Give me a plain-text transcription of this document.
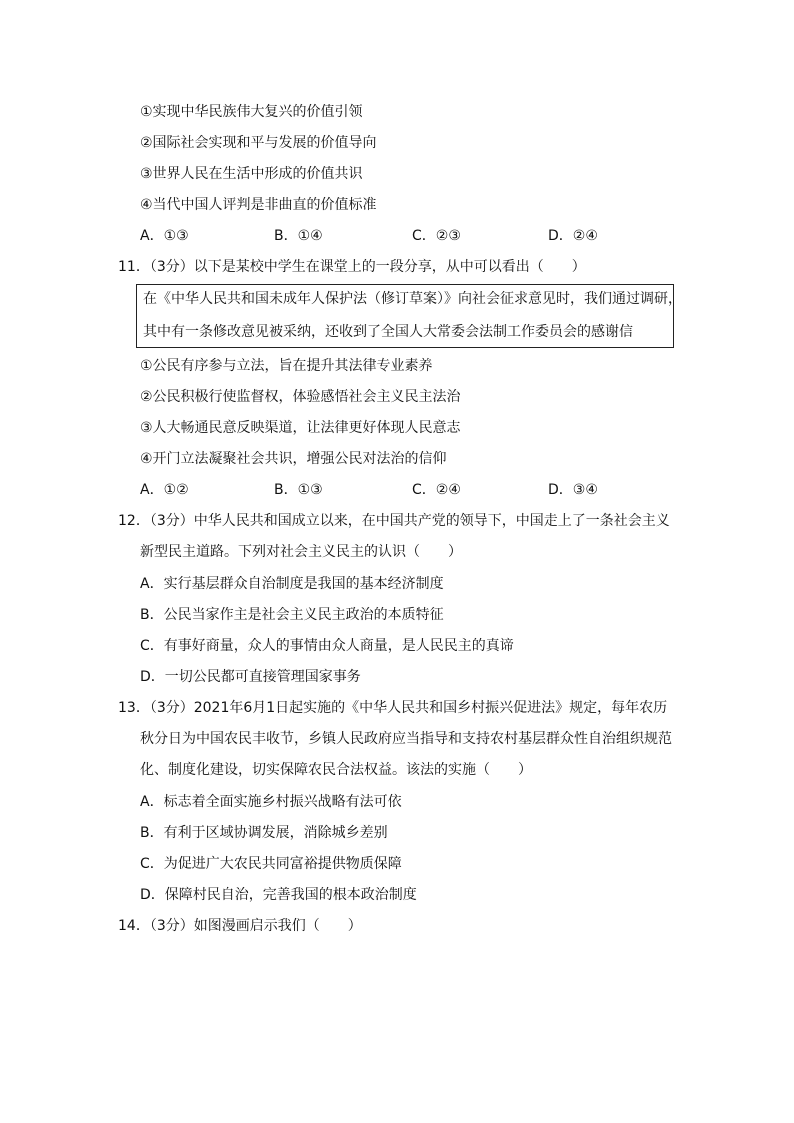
①实现中华民族伟大复兴的价值引领
②国际社会实现和平与发展的价值导向
③世界人民在生活中形成的价值共识
④当代中国人评判是非曲直的价值标准
A．①③	B．①④	C．②③	D．②④
11．（3分）以下是某校中学生在课堂上的一段分享，从中可以看出（　　）
在《中华人民共和国未成年人保护法（修订草案）》向社会征求意见时，我们通过调研，
其中有一条修改意见被采纳，还收到了全国人大常委会法制工作委员会的感谢信
①公民有序参与立法，旨在提升其法律专业素养
②公民积极行使监督权，体验感悟社会主义民主法治
③人大畅通民意反映渠道，让法律更好体现人民意志
④开门立法凝聚社会共识，增强公民对法治的信仰
A．①②	B．①③	C．②④	D．③④
12．（3分）中华人民共和国成立以来，在中国共产党的领导下，中国走上了一条社会主义
新型民主道路。下列对社会主义民主的认识（　　）
A．实行基层群众自治制度是我国的基本经济制度
B．公民当家作主是社会主义民主政治的本质特征
C．有事好商量，众人的事情由众人商量，是人民民主的真谛
D．一切公民都可直接管理国家事务
13．（3分）2021年6月1日起实施的《中华人民共和国乡村振兴促进法》规定，每年农历
秋分日为中国农民丰收节，乡镇人民政府应当指导和支持农村基层群众性自治组织规范
化、制度化建设，切实保障农民合法权益。该法的实施（　　）
A．标志着全面实施乡村振兴战略有法可依
B．有利于区域协调发展，消除城乡差别
C．为促进广大农民共同富裕提供物质保障
D．保障村民自治，完善我国的根本政治制度
14．（3分）如图漫画启示我们（　　）
